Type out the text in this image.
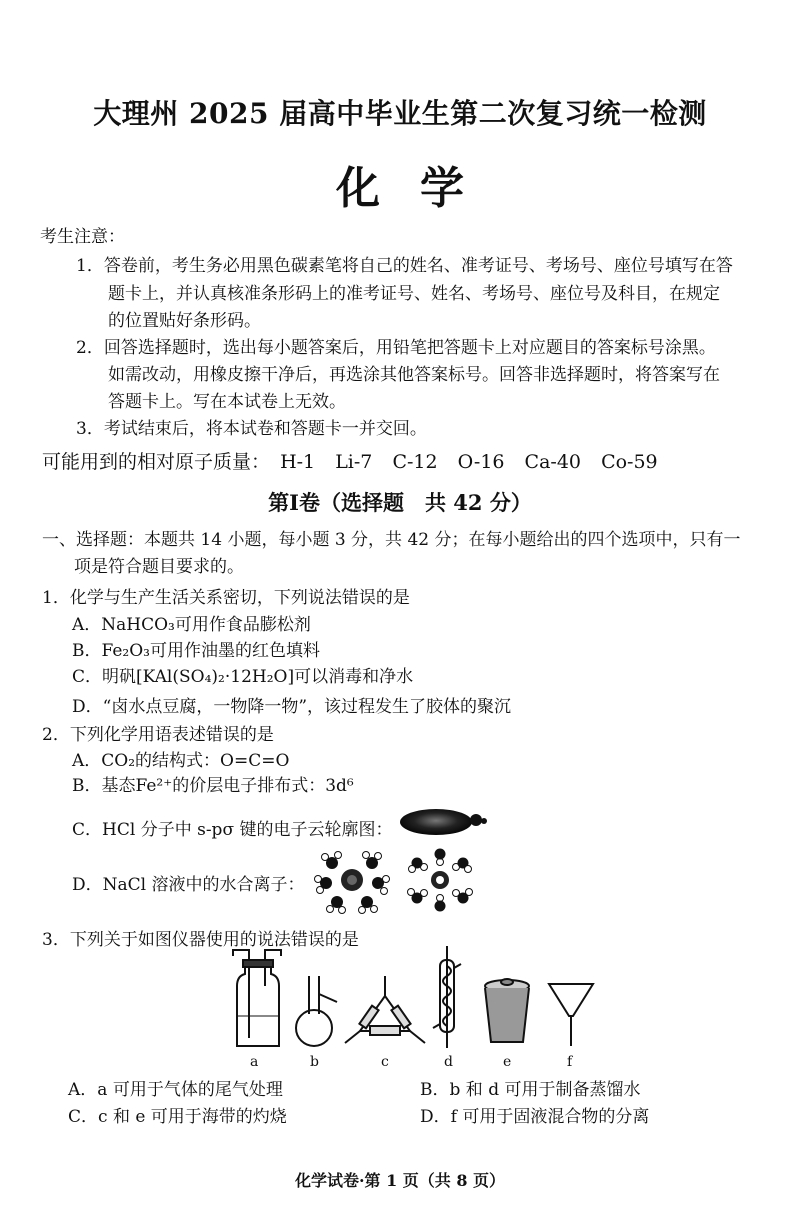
大理州 2025 届高中毕业生第二次复习统一检测
化学
考生注意：
1．答卷前，考生务必用黑色碳素笔将自己的姓名、准考证号、考场号、座位号填写在答
题卡上，并认真核准条形码上的准考证号、姓名、考场号、座位号及科目，在规定
的位置贴好条形码。
2．回答选择题时，选出每小题答案后，用铅笔把答题卡上对应题目的答案标号涂黑。
如需改动，用橡皮擦干净后，再选涂其他答案标号。回答非选择题时，将答案写在
答题卡上。写在本试卷上无效。
3．考试结束后，将本试卷和答题卡一并交回。
可能用到的相对原子质量： H-1 Li-7 C-12 O-16 Ca-40 Co-59
第Ⅰ卷（选择题　共 42 分）
一、选择题：本题共 14 小题，每小题 3 分，共 42 分；在每小题给出的四个选项中，只有一
项是符合题目要求的。
1．化学与生产生活关系密切，下列说法错误的是
A．NaHCO₃可用作食品膨松剂
B．Fe₂O₃可用作油墨的红色填料
C．明矾[KAl(SO₄)₂·12H₂O]可以消毒和净水
D．“卤水点豆腐，一物降一物”，该过程发生了胶体的聚沉
2．下列化学用语表述错误的是
A．CO₂的结构式：O=C=O
B．基态Fe²⁺的价层电子排布式：3d⁶
C．HCl 分子中 s-pσ 键的电子云轮廓图：
D．NaCl 溶液中的水合离子：
3．下列关于如图仪器使用的说法错误的是
a	b	c	d	e	f
A．a 可用于气体的尾气处理	B．b 和 d 可用于制备蒸馏水
C．c 和 e 可用于海带的灼烧	D．f 可用于固液混合物的分离
化学试卷·第 1 页（共 8 页）
